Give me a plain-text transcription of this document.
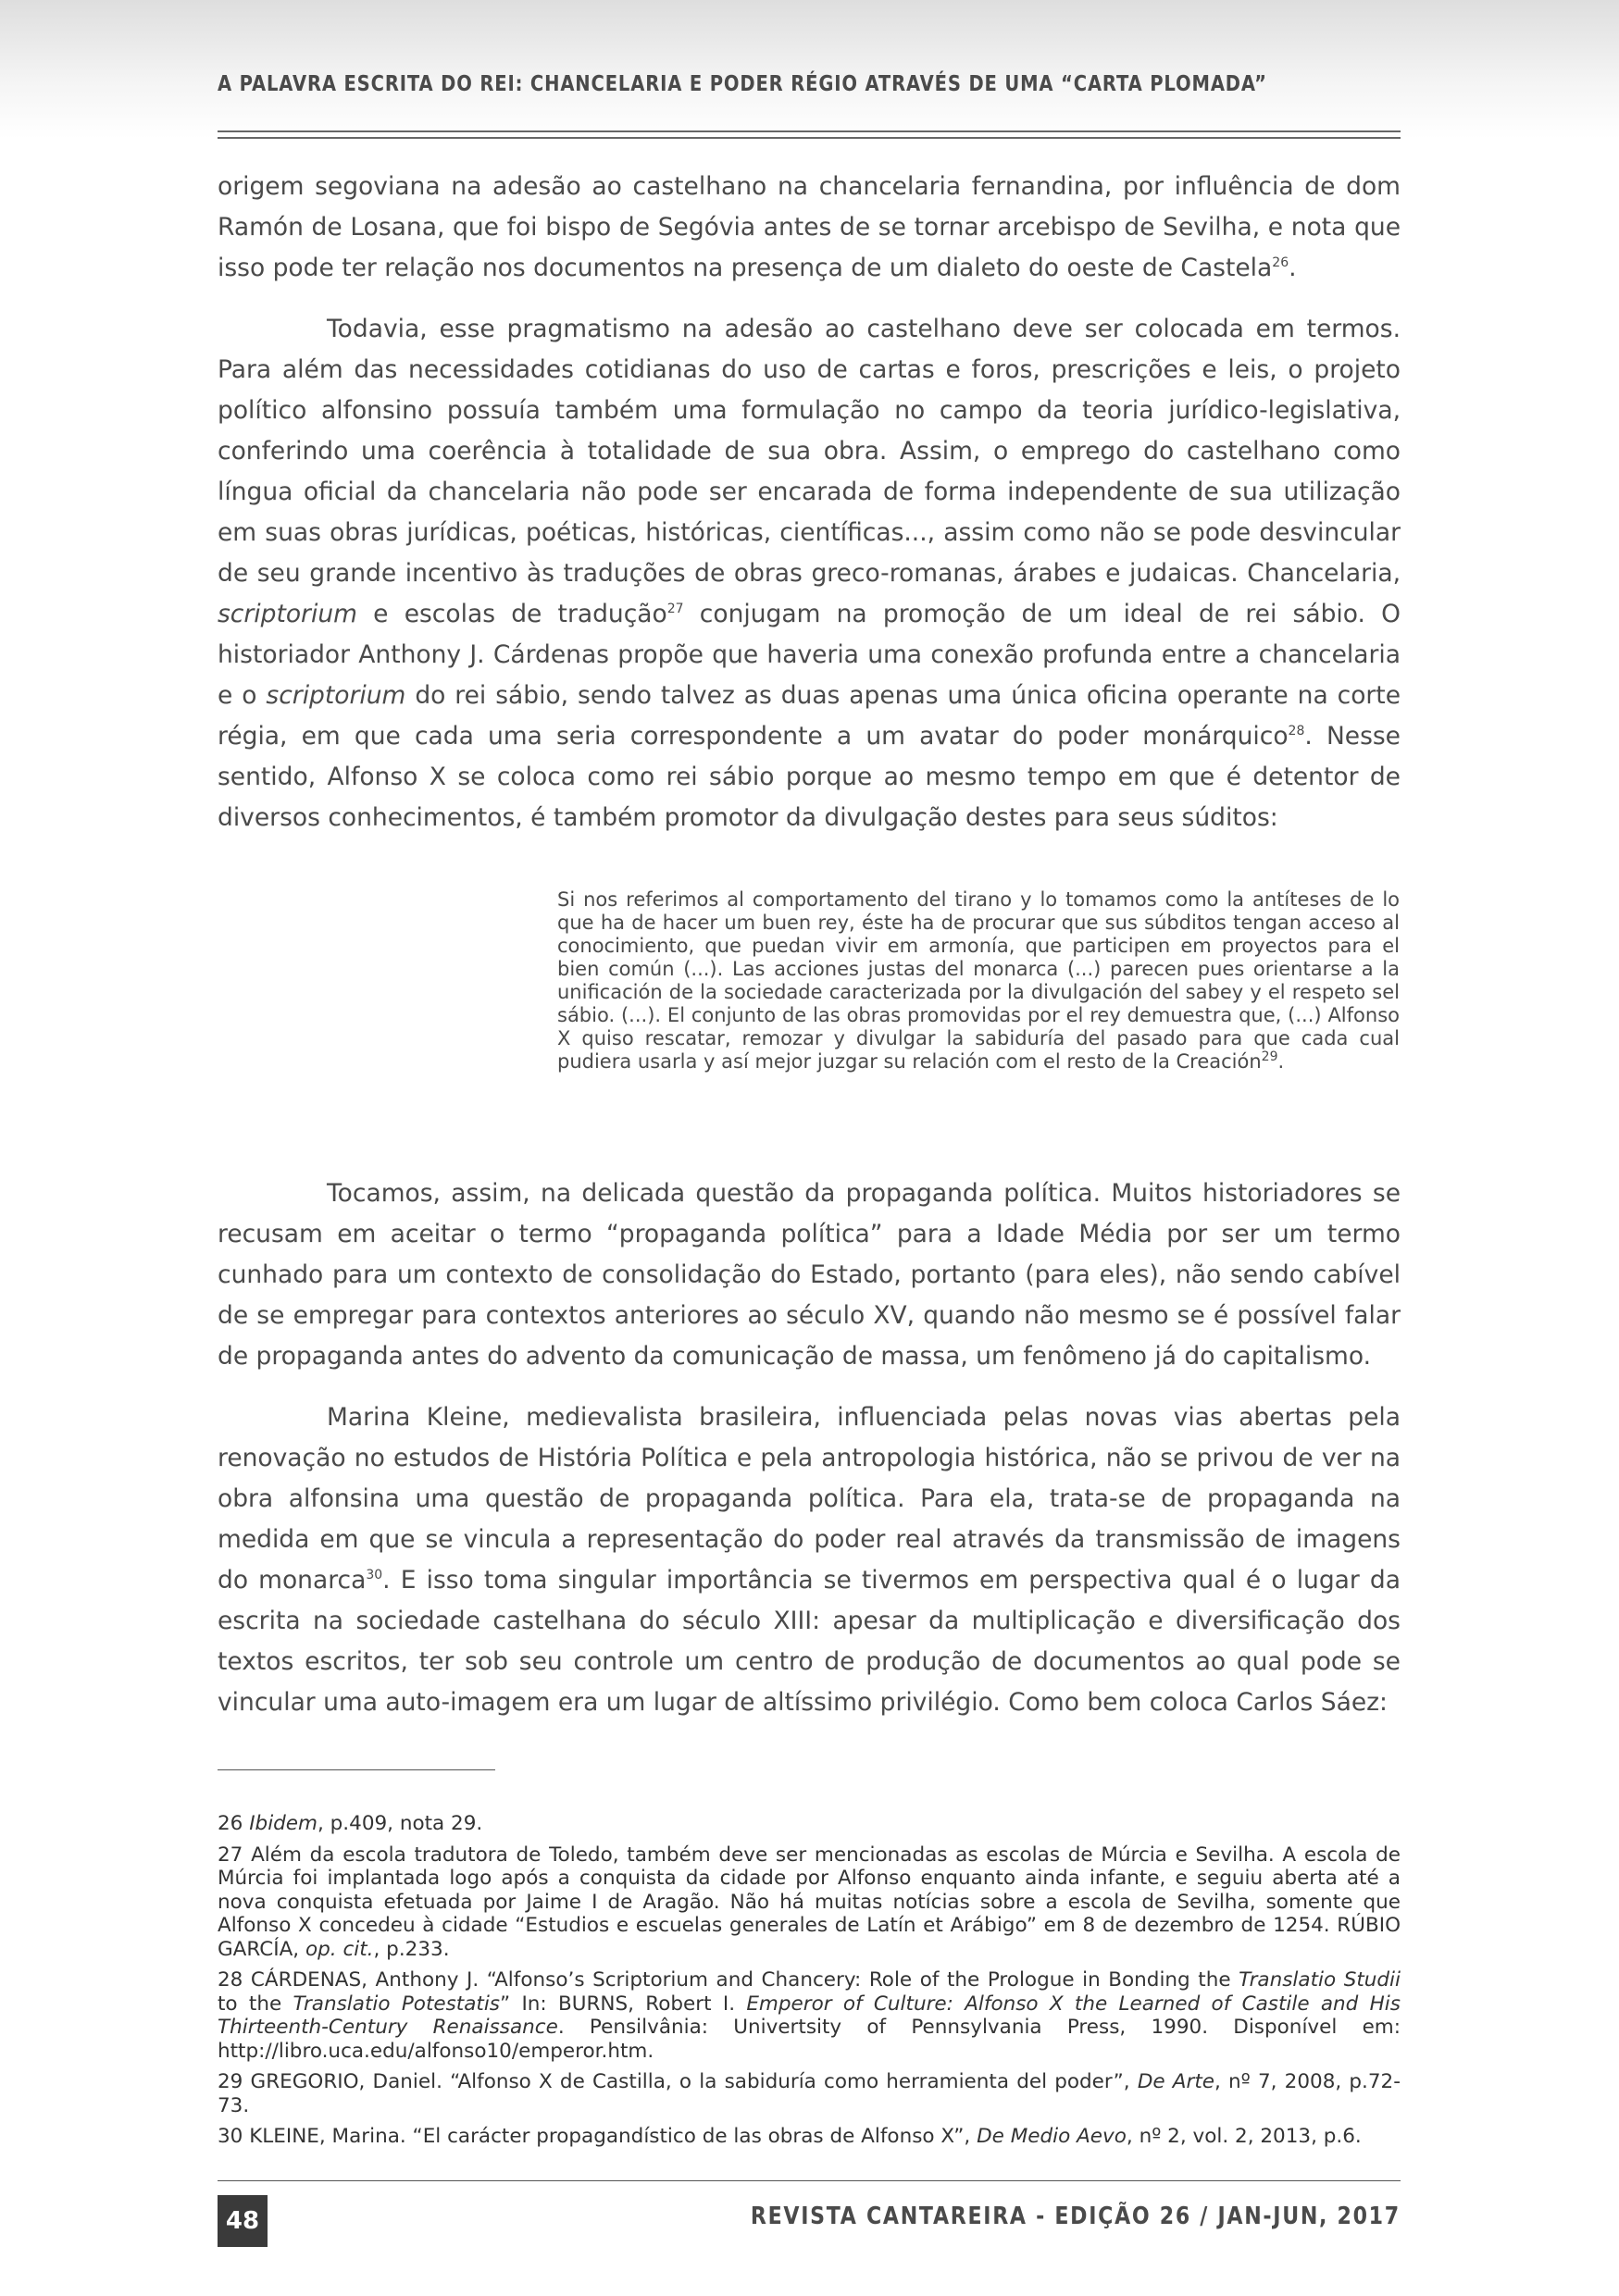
A PALAVRA ESCRITA DO REI: CHANCELARIA E PODER RÉGIO ATRAVÉS DE UMA “CARTA PLOMADA”

origem segoviana na adesão ao castelhano na chancelaria fernandina, por influência de dom Ramón de Losana, que foi bispo de Segóvia antes de se tornar arcebispo de Sevilha, e nota que isso pode ter relação nos documentos na presença de um dialeto do oeste de Castela$^{26}$.

Todavia, esse pragmatismo na adesão ao castelhano deve ser colocada em termos. Para além das necessidades cotidianas do uso de cartas e foros, prescrições e leis, o projeto político alfonsino possuía também uma formulação no campo da teoria jurídico-legislativa, conferindo uma coerência à totalidade de sua obra. Assim, o emprego do castelhano como língua oficial da chancelaria não pode ser encarada de forma independente de sua utilização em suas obras jurídicas, poéticas, históricas, científicas..., assim como não se pode desvincular de seu grande incentivo às traduções de obras greco-romanas, árabes e judaicas. Chancelaria, scriptorium e escolas de tradução$^{27}$ conjugam na promoção de um ideal de rei sábio. O historiador Anthony J. Cárdenas propõe que haveria uma conexão profunda entre a chancelaria e o scriptorium do rei sábio, sendo talvez as duas apenas uma única oficina operante na corte régia, em que cada uma seria correspondente a um avatar do poder monárquico$^{28}$. Nesse sentido, Alfonso X se coloca como rei sábio porque ao mesmo tempo em que é detentor de diversos conhecimentos, é também promotor da divulgação destes para seus súditos:

Si nos referimos al comportamento del tirano y lo tomamos como la antíteses de lo que ha de hacer um buen rey, éste ha de procurar que sus súbditos tengan acceso al conocimiento, que puedan vivir em armonía, que participen em proyectos para el bien común (...). Las acciones justas del monarca (...) parecen pues orientarse a la unificación de la sociedade caracterizada por la divulgación del sabey y el respeto sel sábio. (...). El conjunto de las obras promovidas por el rey demuestra que, (...) Alfonso X quiso rescatar, remozar y divulgar la sabiduría del pasado para que cada cual pudiera usarla y así mejor juzgar su relación com el resto de la Creación$^{29}$.

Tocamos, assim, na delicada questão da propaganda política. Muitos historiadores se recusam em aceitar o termo “propaganda política” para a Idade Média por ser um termo cunhado para um contexto de consolidação do Estado, portanto (para eles), não sendo cabível de se empregar para contextos anteriores ao século XV, quando não mesmo se é possível falar de propaganda antes do advento da comunicação de massa, um fenômeno já do capitalismo.

Marina Kleine, medievalista brasileira, influenciada pelas novas vias abertas pela renovação no estudos de História Política e pela antropologia histórica, não se privou de ver na obra alfonsina uma questão de propaganda política. Para ela, trata-se de propaganda na medida em que se vincula a representação do poder real através da transmissão de imagens do monarca$^{30}$. E isso toma singular importância se tivermos em perspectiva qual é o lugar da escrita na sociedade castelhana do século XIII: apesar da multiplicação e diversificação dos textos escritos, ter sob seu controle um centro de produção de documentos ao qual pode se vincular uma auto-imagem era um lugar de altíssimo privilégio. Como bem coloca Carlos Sáez:

26 Ibidem, p.409, nota 29.

27 Além da escola tradutora de Toledo, também deve ser mencionadas as escolas de Múrcia e Sevilha. A escola de Múrcia foi implantada logo após a conquista da cidade por Alfonso enquanto ainda infante, e seguiu aberta até a nova conquista efetuada por Jaime I de Aragão. Não há muitas notícias sobre a escola de Sevilha, somente que Alfonso X concedeu à cidade “Estudios e escuelas generales de Latín et Arábigo” em 8 de dezembro de 1254. RÚBIO GARCÍA, op. cit., p.233.

28 CÁRDENAS, Anthony J. “Alfonso’s Scriptorium and Chancery: Role of the Prologue in Bonding the Translatio Studii to the Translatio Potestatis” In: BURNS, Robert I. Emperor of Culture: Alfonso X the Learned of Castile and His Thirteenth-Century Renaissance. Pensilvânia: Univertsity of Pennsylvania Press, 1990. Disponível em: http://libro.uca.edu/alfonso10/emperor.htm.

29 GREGORIO, Daniel. “Alfonso X de Castilla, o la sabiduría como herramienta del poder”, De Arte, nº 7, 2008, p.72-73.

30 KLEINE, Marina. “El carácter propagandístico de las obras de Alfonso X”, De Medio Aevo, nº 2, vol. 2, 2013, p.6.

48	REVISTA CANTAREIRA - EDIÇÃO 26 / JAN-JUN, 2017
